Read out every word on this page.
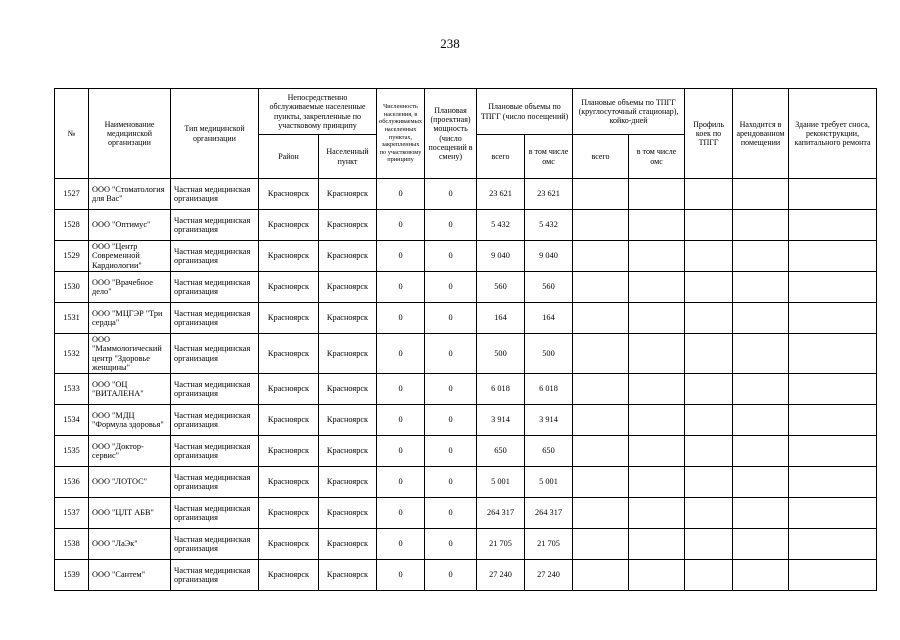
238
№	Наименование медицинской организации	Тип медицинской организации	Непосредственно обслуживаемые населенные пункты, закрепленные по участковому принципу		Численность населения, в обслуживаемых населенных пунктах, закрепленных по участковому принципу	Плановая (проектная) мощность (число посещений в смену)	Плановые объемы по ТПГГ (число посещений)		Плановые объемы по ТПГГ (круглосуточный стационар), койко-дней		Профиль коек по ТПГГ	Находится в арендованном помещении	Здание требует сноса, реконструкции, капитального ремонта
			Район	Населенный пункт			всего	в том числе омс	всего	в том числе омс			
1527	ООО "Стоматология для Вас"	Частная медицинская организация	Красноярск	Красноярск	0	0	23 621	23 621					
1528	ООО "Оптимус"	Частная медицинская организация	Красноярск	Красноярск	0	0	5 432	5 432					
1529	ООО "Центр Современной Кардиологии"	Частная медицинская организация	Красноярск	Красноярск	0	0	9 040	9 040					
1530	ООО "Врачебное дело"	Частная медицинская организация	Красноярск	Красноярск	0	0	560	560					
1531	ООО "МЦГЭР "Три сердца"	Частная медицинская организация	Красноярск	Красноярск	0	0	164	164					
1532	ООО "Маммологический центр "Здоровье женщины"	Частная медицинская организация	Красноярск	Красноярск	0	0	500	500					
1533	ООО "ОЦ "ВИТАЛЕНА"	Частная медицинская организация	Красноярск	Красноярск	0	0	6 018	6 018					
1534	ООО "МДЦ "Формула здоровья"	Частная медицинская организация	Красноярск	Красноярск	0	0	3 914	3 914					
1535	ООО "Доктор-сервис"	Частная медицинская организация	Красноярск	Красноярск	0	0	650	650					
1536	ООО "ЛОТОС"	Частная медицинская организация	Красноярск	Красноярск	0	0	5 001	5 001					
1537	ООО "ЦЛТ АБВ"	Частная медицинская организация	Красноярск	Красноярск	0	0	264 317	264 317					
1538	ООО "ЛаЭк"	Частная медицинская организация	Красноярск	Красноярск	0	0	21 705	21 705					
1539	ООО "Сантем"	Частная медицинская организация	Красноярск	Красноярск	0	0	27 240	27 240					
